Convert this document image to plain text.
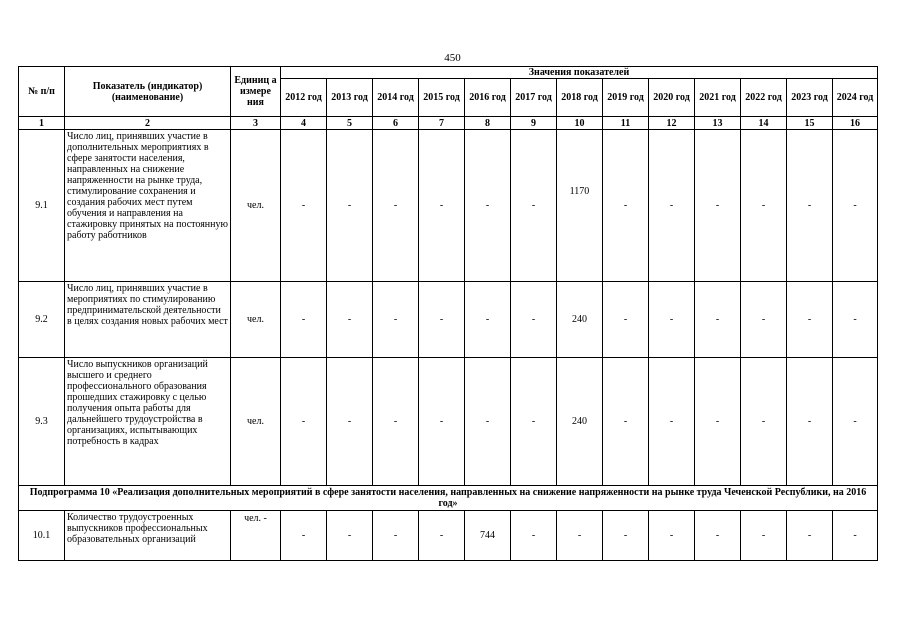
450
№ п/п	Показатель (индикатор) (наименование)	Единиц а измере ния	Значения показателей												
			2012 год	2013 год	2014 год	2015 год	2016 год	2017 год	2018 год	2019 год	2020 год	2021 год	2022 год	2023 год	2024 год
1	2	3	4	5	6	7	8	9	10	11	12	13	14	15	16
9.1	Число лиц, принявших участие в дополнительных мероприятиях в сфере занятости населения, направленных на снижение напряженности на рынке труда, стимулирование сохранения и создания рабочих мест путем обучения и направления на стажировку принятых на постоянную работу работников	чел.	-	-	-	-	-	-	1170	-	-	-	-	-	-
9.2	Число лиц, принявших участие в мероприятиях по стимулированию предпринимательской деятельности в целях создания новых рабочих мест	чел.	-	-	-	-	-	-	240	-	-	-	-	-	-
9.3	Число выпускников организаций высшего и среднего профессионального образования прошедших стажировку с целью получения опыта работы для дальнейшего трудоустройства в организациях, испытывающих потребность в кадрах	чел.	-	-	-	-	-	-	240	-	-	-	-	-	-
Подпрограмма 10 «Реализация дополнительных мероприятий в сфере занятости населения, направленных на снижение напряженности на рынке труда Чеченской Республики, на 2016 год»															
10.1	Количество трудоустроенных выпускников профессиональных образовательных организаций	чел. -	-	-	-	-	744	-	-	-	-	-	-	-	-
